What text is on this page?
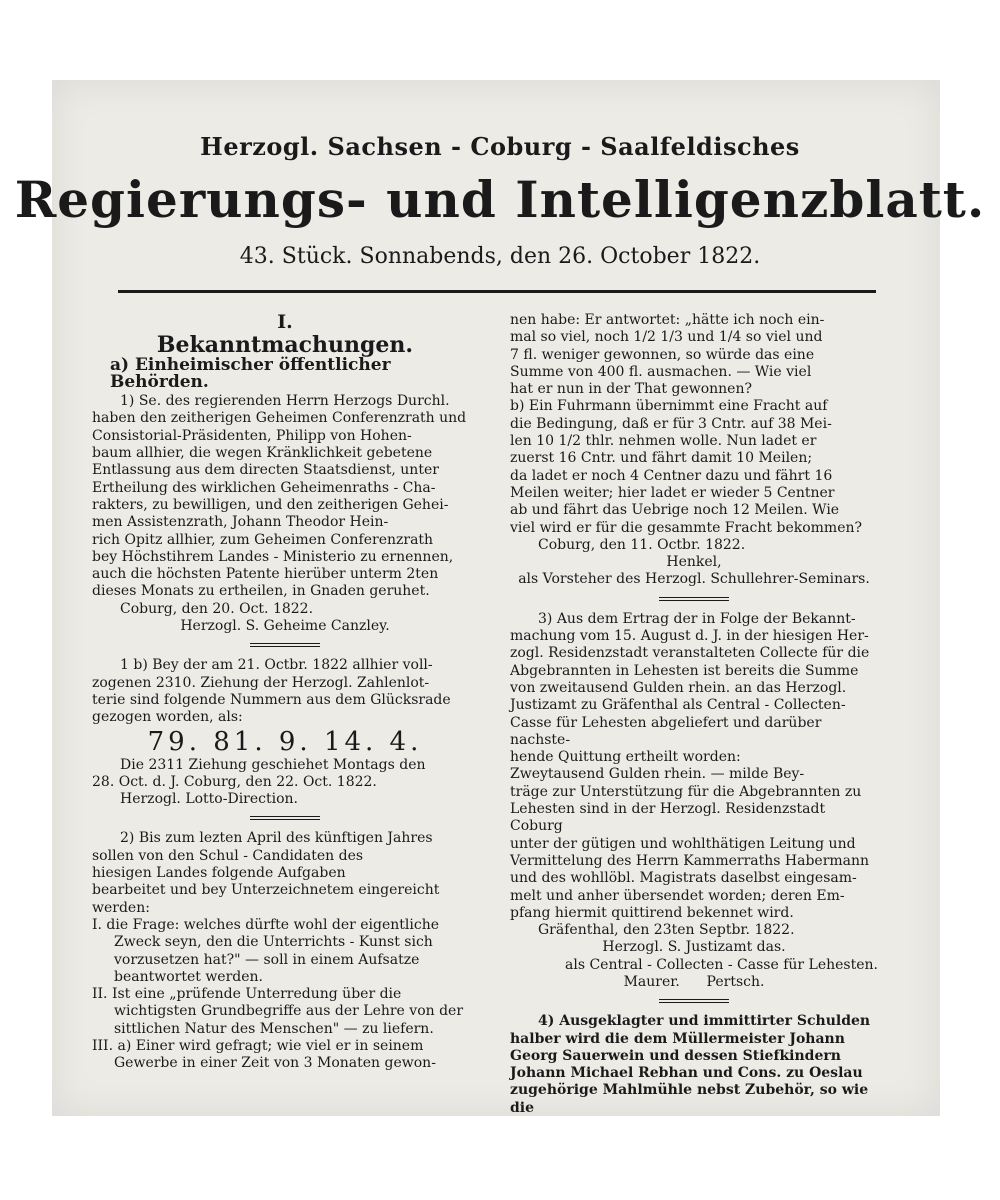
Herzogl. Sachsen - Coburg - Saalfeldisches
Regierungs- und Intelligenzblatt.
43. Stück. Sonnabends, den 26. October 1822.
I.
Bekanntmachungen.
a) Einheimischer öffentlicher Behörden.

1) Se. des regierenden Herrn Herzogs Durchl.

haben den zeitherigen Geheimen Conferenzrath und

Consistorial-Präsidenten, Philipp von Hohen-

baum allhier, die wegen Kränklichkeit gebetene

Entlassung aus dem directen Staatsdienst, unter

Ertheilung des wirklichen Geheimenraths - Cha-

rakters, zu bewilligen, und den zeitherigen Gehei-

men Assistenzrath, Johann Theodor Hein-

rich Opitz allhier, zum Geheimen Conferenzrath

bey Höchstihrem Landes - Ministerio zu ernennen,

auch die höchsten Patente hierüber unterm 2ten

dieses Monats zu ertheilen, in Gnaden geruhet.

Coburg, den 20. Oct. 1822.

Herzogl. S. Geheime Canzley.

1 b) Bey der am 21. Octbr. 1822 allhier voll-

zogenen 2310. Ziehung der Herzogl. Zahlenlot-

terie sind folgende Nummern aus dem Glücksrade

gezogen worden, als:

79. 81. 9. 14. 4.

Die 2311 Ziehung geschiehet Montags den

28. Oct. d. J. Coburg, den 22. Oct. 1822.

Herzogl. Lotto-Direction.

2) Bis zum lezten April des künftigen Jahres

sollen von den Schul - Candidaten des

hiesigen Landes folgende Aufgaben

bearbeitet und bey Unterzeichnetem eingereicht

werden:

I. die Frage: welches dürfte wohl der eigentliche Zweck seyn, den die Unterrichts - Kunst sich vorzusetzen hat?" — soll in einem Aufsatze beantwortet werden.

II. Ist eine „prüfende Unterredung über die wichtigsten Grundbegriffe aus der Lehre von der sittlichen Natur des Menschen" — zu liefern.

III. a) Einer wird gefragt; wie viel er in seinem Gewerbe in einer Zeit von 3 Monaten gewon-

nen habe: Er antwortet: „hätte ich noch ein-

mal so viel, noch 1/2 1/3 und 1/4 so viel und

7 fl. weniger gewonnen, so würde das eine

Summe von 400 fl. ausmachen. — Wie viel

hat er nun in der That gewonnen?

b) Ein Fuhrmann übernimmt eine Fracht auf

die Bedingung, daß er für 3 Cntr. auf 38 Mei-

len 10 1/2 thlr. nehmen wolle. Nun ladet er

zuerst 16 Cntr. und fährt damit 10 Meilen;

da ladet er noch 4 Centner dazu und fährt 16

Meilen weiter; hier ladet er wieder 5 Centner

ab und fährt das Uebrige noch 12 Meilen. Wie

viel wird er für die gesammte Fracht bekommen?

Coburg, den 11. Octbr. 1822.

Henkel,

als Vorsteher des Herzogl. Schullehrer-Seminars.

3) Aus dem Ertrag der in Folge der Bekannt-

machung vom 15. August d. J. in der hiesigen Her-

zogl. Residenzstadt veranstalteten Collecte für die

Abgebrannten in Lehesten ist bereits die Summe

von zweitausend Gulden rhein. an das Herzogl.

Justizamt zu Gräfenthal als Central - Collecten-

Casse für Lehesten abgeliefert und darüber nachste-

hende Quittung ertheilt worden:

Zweytausend Gulden rhein. — milde Bey-

träge zur Unterstützung für die Abgebrannten zu

Lehesten sind in der Herzogl. Residenzstadt Coburg

unter der gütigen und wohlthätigen Leitung und

Vermittelung des Herrn Kammerraths Habermann

und des wohllöbl. Magistrats daselbst eingesam-

melt und anher übersendet worden; deren Em-

pfang hiermit quittirend bekennet wird.

Gräfenthal, den 23ten Septbr. 1822.

Herzogl. S. Justizamt das.

als Central - Collecten - Casse für Lehesten.

Maurer.      Pertsch.

4) Ausgeklagter und immittirter Schulden

halber wird die dem Müllermeister Johann

Georg Sauerwein und dessen Stiefkindern

Johann Michael Rebhan und Cons. zu Oeslau

zugehörige Mahlmühle nebst Zubehör, so wie die
